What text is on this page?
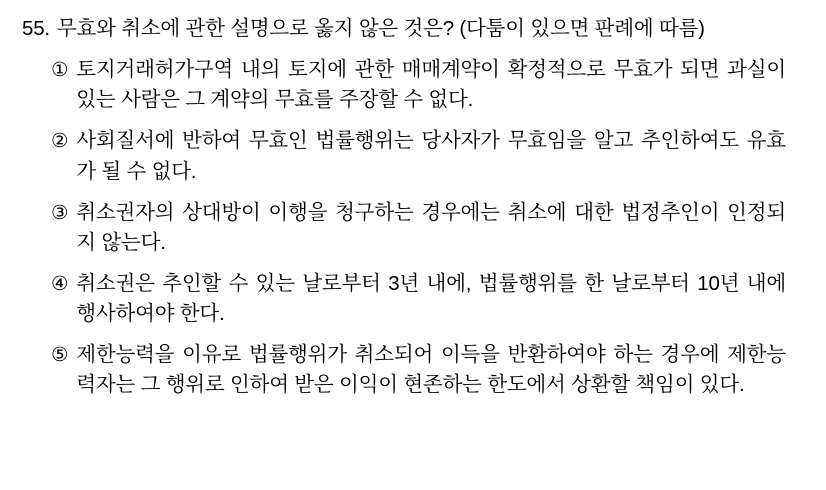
55. 무효와 취소에 관한 설명으로 옳지 않은 것은? (다툼이 있으면 판례에 따름)
① 토지거래허가구역 내의 토지에 관한 매매계약이 확정적으로 무효가 되면 과실이 있는 사람은 그 계약의 무효를 주장할 수 없다.
② 사회질서에 반하여 무효인 법률행위는 당사자가 무효임을 알고 추인하여도 유효가 될 수 없다.
③ 취소권자의 상대방이 이행을 청구하는 경우에는 취소에 대한 법정추인이 인정되지 않는다.
④ 취소권은 추인할 수 있는 날로부터 3년 내에, 법률행위를 한 날로부터 10년 내에 행사하여야 한다.
⑤ 제한능력을 이유로 법률행위가 취소되어 이득을 반환하여야 하는 경우에 제한능력자는 그 행위로 인하여 받은 이익이 현존하는 한도에서 상환할 책임이 있다.
